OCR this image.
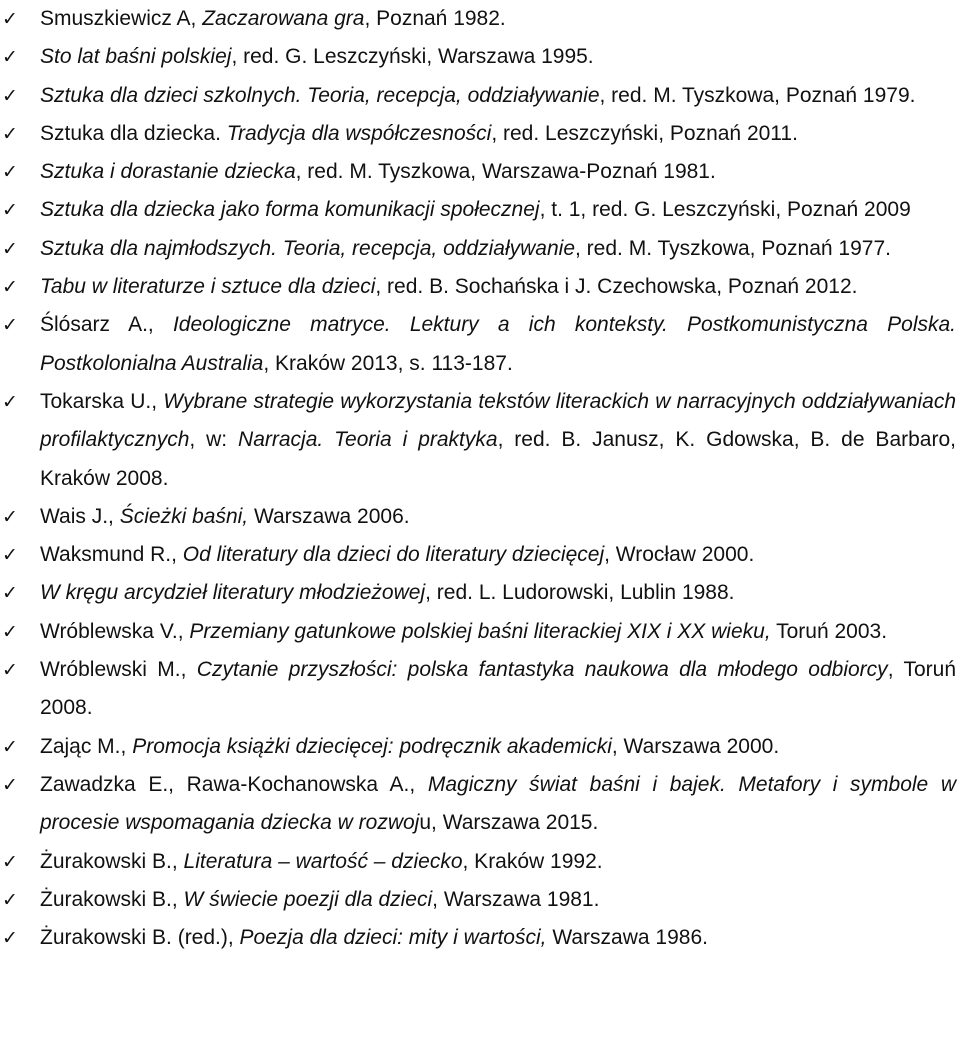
✓ Smuszkiewicz A, Zaczarowana gra, Poznań 1982.
✓ Sto lat baśni polskiej, red. G. Leszczyński, Warszawa 1995.
✓ Sztuka dla dzieci szkolnych. Teoria, recepcja, oddziaływanie, red. M. Tyszkowa, Poznań 1979.
✓ Sztuka dla dziecka. Tradycja dla współczesności, red. Leszczyński, Poznań 2011.
✓ Sztuka i dorastanie dziecka, red. M. Tyszkowa, Warszawa-Poznań 1981.
✓ Sztuka dla dziecka jako forma komunikacji społecznej, t. 1, red. G. Leszczyński, Poznań 2009
✓ Sztuka dla najmłodszych. Teoria, recepcja, oddziaływanie, red. M. Tyszkowa, Poznań 1977.
✓ Tabu w literaturze i sztuce dla dzieci, red. B. Sochańska i J. Czechowska, Poznań 2012.
✓ Ślósarz A., Ideologiczne matryce. Lektury a ich konteksty. Postkomunistyczna Polska. Postkolonialna Australia, Kraków 2013, s. 113-187.
✓ Tokarska U., Wybrane strategie wykorzystania tekstów literackich w narracyjnych oddziaływaniach profilaktycznych, w: Narracja. Teoria i praktyka, red. B. Janusz, K. Gdowska, B. de Barbaro, Kraków 2008.
✓ Wais J., Ścieżki baśni, Warszawa 2006.
✓ Waksmund R., Od literatury dla dzieci do literatury dziecięcej, Wrocław 2000.
✓ W kręgu arcydzieł literatury młodzieżowej, red. L. Ludorowski, Lublin 1988.
✓ Wróblewska V., Przemiany gatunkowe polskiej baśni literackiej XIX i XX wieku, Toruń 2003.
✓ Wróblewski M., Czytanie przyszłości: polska fantastyka naukowa dla młodego odbiorcy, Toruń 2008.
✓ Zając M., Promocja książki dziecięcej: podręcznik akademicki, Warszawa 2000.
✓ Zawadzka E., Rawa-Kochanowska A., Magiczny świat baśni i bajek. Metafory i symbole w procesie wspomagania dziecka w rozwoju, Warszawa 2015.
✓ Żurakowski B., Literatura – wartość – dziecko, Kraków 1992.
✓ Żurakowski B., W świecie poezji dla dzieci, Warszawa 1981.
✓ Żurakowski B. (red.), Poezja dla dzieci: mity i wartości, Warszawa 1986.
